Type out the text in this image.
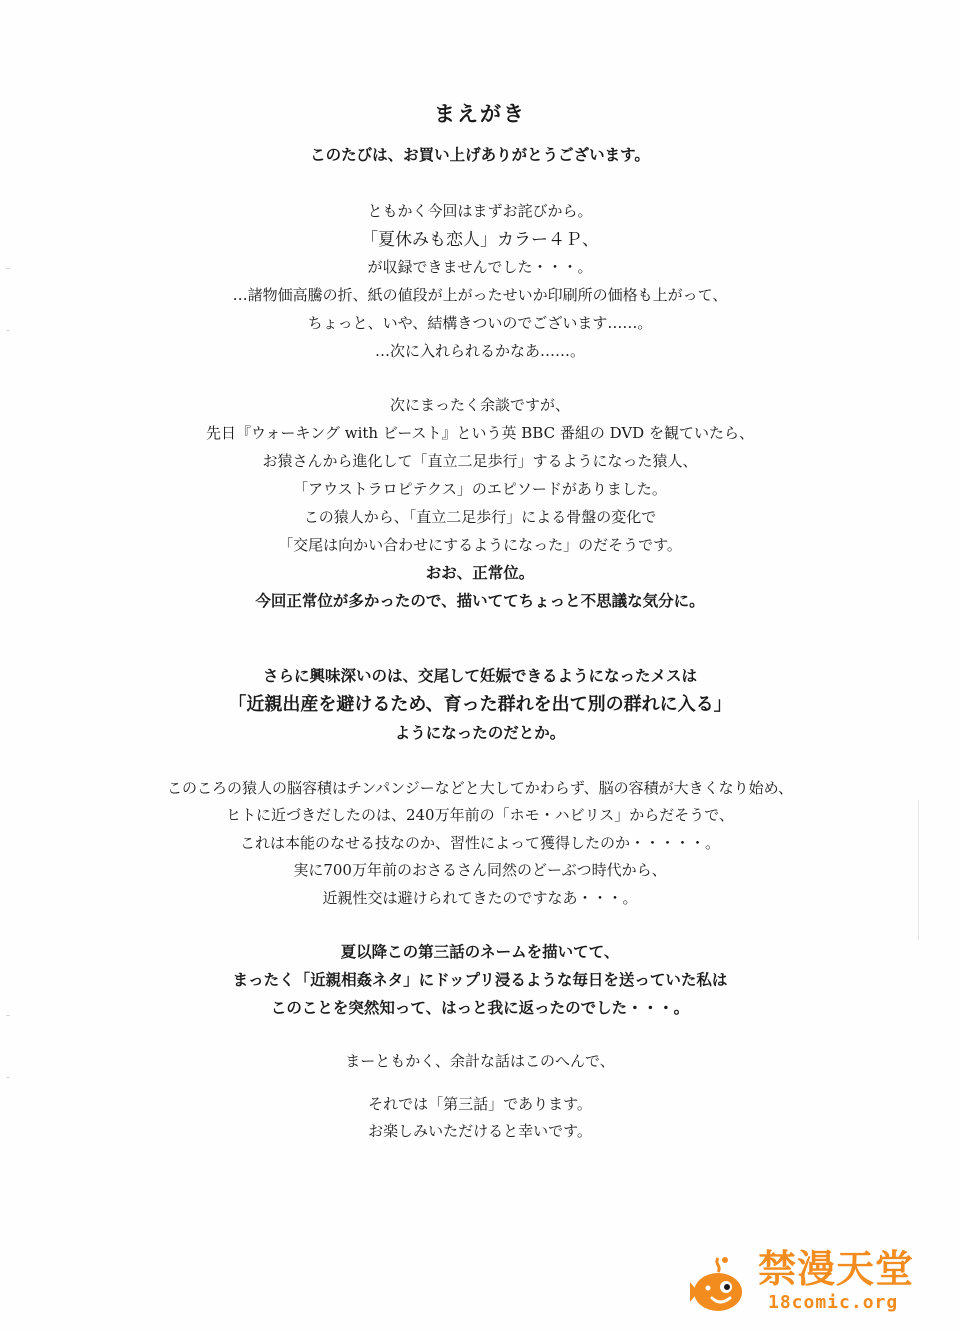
まえがき
このたびは、お買い上げありがとうございます。
ともかく今回はまずお詫びから。
「夏休みも恋人」カラー４Ｐ、
が収録できませんでした・・・。
…諸物価高騰の折、紙の値段が上がったせいか印刷所の価格も上がって、
ちょっと、いや、結構きついのでございます……。
…次に入れられるかなあ……。
次にまったく余談ですが、
先日『ウォーキング with ビースト』という英 BBC 番組の DVD を観ていたら、
お猿さんから進化して「直立二足歩行」するようになった猿人、
「アウストラロピテクス」のエピソードがありました。
この猿人から、「直立二足歩行」による骨盤の変化で
「交尾は向かい合わせにするようになった」のだそうです。
おお、正常位。
今回正常位が多かったので、描いててちょっと不思議な気分に。
さらに興味深いのは、交尾して妊娠できるようになったメスは
「近親出産を避けるため、育った群れを出て別の群れに入る」
ようになったのだとか。
このころの猿人の脳容積はチンパンジーなどと大してかわらず、脳の容積が大きくなり始め、
ヒトに近づきだしたのは、240万年前の「ホモ・ハビリス」からだそうで、
これは本能のなせる技なのか、習性によって獲得したのか・・・・・。
実に700万年前のおさるさん同然のどーぶつ時代から、
近親性交は避けられてきたのですなあ・・・。
夏以降この第三話のネームを描いてて、
まったく「近親相姦ネタ」にドップリ浸るような毎日を送っていた私は
このことを突然知って、はっと我に返ったのでした・・・。
まーともかく、余計な話はこのへんで、
それでは「第三話」であります。
お楽しみいただけると幸いです。
禁漫天堂
18comic.org
